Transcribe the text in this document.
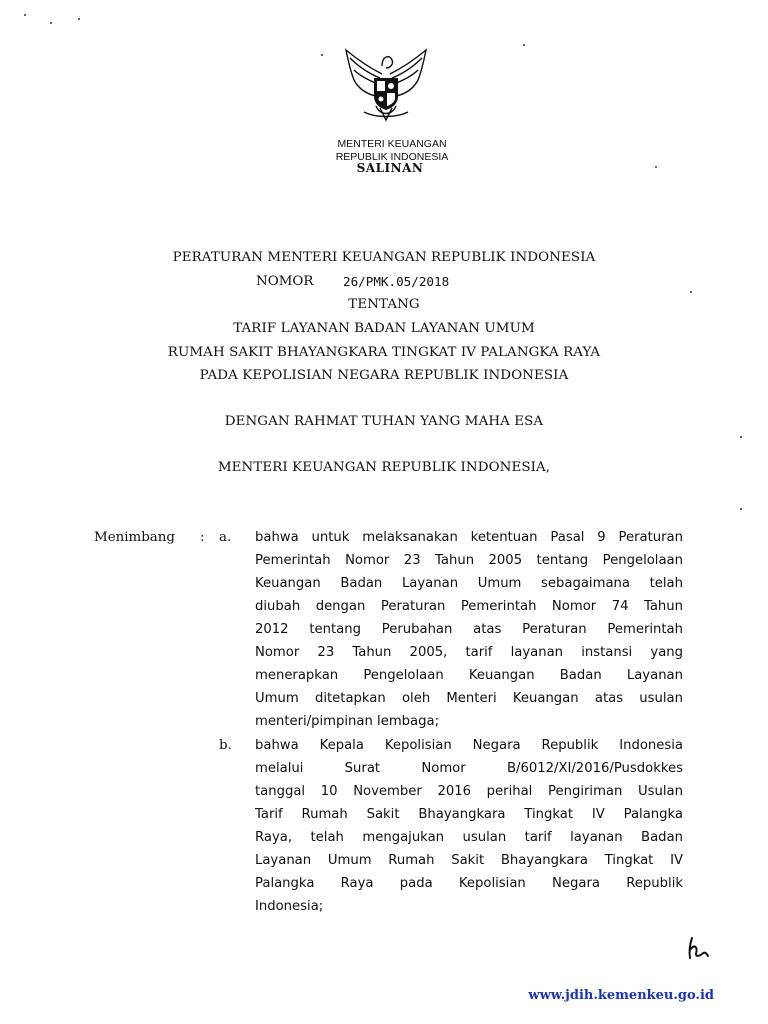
MENTERI KEUANGAN
REPUBLIK INDONESIA
SALINAN
PERATURAN MENTERI KEUANGAN REPUBLIK INDONESIA
NOMOR 26/PMK.05/2018
TENTANG
TARIF LAYANAN BADAN LAYANAN UMUM
RUMAH SAKIT BHAYANGKARA TINGKAT IV PALANGKA RAYA
PADA KEPOLISIAN NEGARA REPUBLIK INDONESIA
DENGAN RAHMAT TUHAN YANG MAHA ESA
MENTERI KEUANGAN REPUBLIK INDONESIA,
Menimbang : a. bahwa untuk melaksanakan ketentuan Pasal 9 Peraturan
Pemerintah Nomor 23 Tahun 2005 tentang Pengelolaan
Keuangan Badan Layanan Umum sebagaimana telah
diubah dengan Peraturan Pemerintah Nomor 74 Tahun
2012 tentang Perubahan atas Peraturan Pemerintah
Nomor 23 Tahun 2005, tarif layanan instansi yang
menerapkan Pengelolaan Keuangan Badan Layanan
Umum ditetapkan oleh Menteri Keuangan atas usulan
menteri/pimpinan lembaga;
b. bahwa Kepala Kepolisian Negara Republik Indonesia
melalui Surat Nomor B/6012/XI/2016/Pusdokkes
tanggal 10 November 2016 perihal Pengiriman Usulan
Tarif Rumah Sakit Bhayangkara Tingkat IV Palangka
Raya, telah mengajukan usulan tarif layanan Badan
Layanan Umum Rumah Sakit Bhayangkara Tingkat IV
Palangka Raya pada Kepolisian Negara Republik
Indonesia;
www.jdih.kemenkeu.go.id
